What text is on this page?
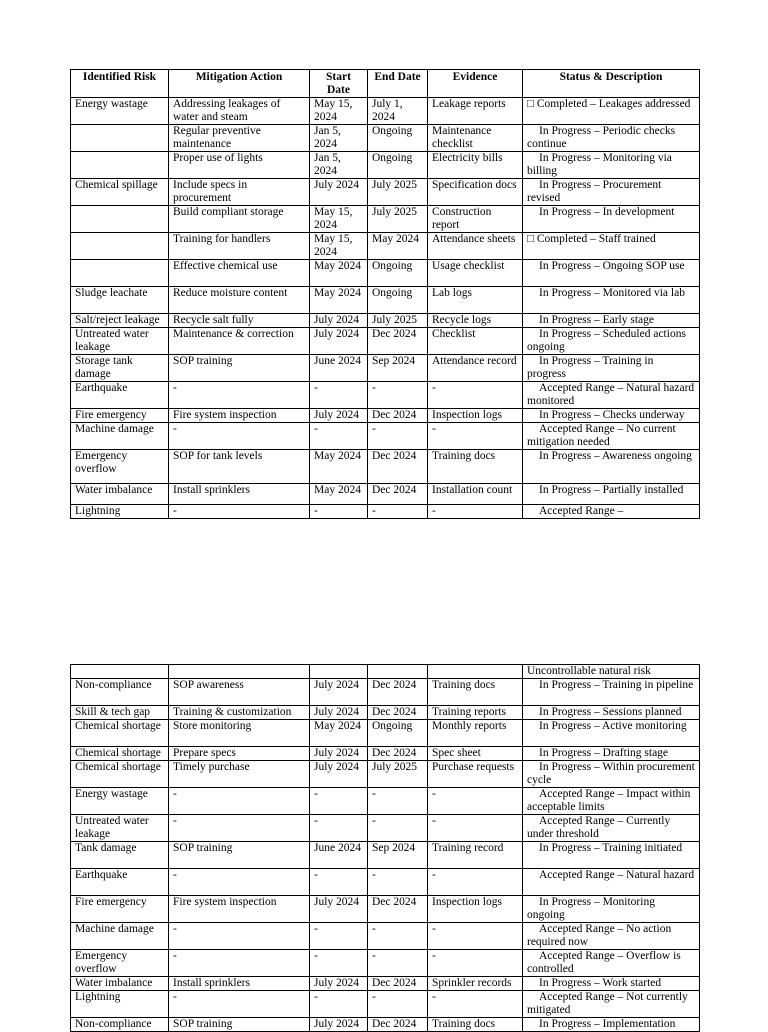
Identified Risk	Mitigation Action	Start Date	End Date	Evidence	Status & Description
Energy wastage	Addressing leakages of water and steam	May 15, 2024	July 1, 2024	Leakage reports	□ Completed – Leakages addressed
	Regular preventive maintenance	Jan 5, 2024	Ongoing	Maintenance checklist	In Progress – Periodic checks continue
	Proper use of lights	Jan 5, 2024	Ongoing	Electricity bills	In Progress – Monitoring via billing
Chemical spillage	Include specs in procurement	July 2024	July 2025	Specification docs	In Progress – Procurement revised
	Build compliant storage	May 15, 2024	July 2025	Construction report	In Progress – In development
	Training for handlers	May 15, 2024	May 2024	Attendance sheets	□ Completed – Staff trained
	Effective chemical use	May 2024	Ongoing	Usage checklist	In Progress – Ongoing SOP use
Sludge leachate	Reduce moisture content	May 2024	Ongoing	Lab logs	In Progress – Monitored via lab
Salt/reject leakage	Recycle salt fully	July 2024	July 2025	Recycle logs	In Progress – Early stage
Untreated water leakage	Maintenance & correction	July 2024	Dec 2024	Checklist	In Progress – Scheduled actions ongoing
Storage tank damage	SOP training	June 2024	Sep 2024	Attendance record	In Progress – Training in progress
Earthquake	-	-	-	-	Accepted Range – Natural hazard monitored
Fire emergency	Fire system inspection	July 2024	Dec 2024	Inspection logs	In Progress – Checks underway
Machine damage	-	-	-	-	Accepted Range – No current mitigation needed
Emergency overflow	SOP for tank levels	May 2024	Dec 2024	Training docs	In Progress – Awareness ongoing
Water imbalance	Install sprinklers	May 2024	Dec 2024	Installation count	In Progress – Partially installed
Lightning	-	-	-	-	Accepted Range –
					Uncontrollable natural risk
Non-compliance	SOP awareness	July 2024	Dec 2024	Training docs	In Progress – Training in pipeline
Skill & tech gap	Training & customization	July 2024	Dec 2024	Training reports	In Progress – Sessions planned
Chemical shortage	Store monitoring	May 2024	Ongoing	Monthly reports	In Progress – Active monitoring
Chemical shortage	Prepare specs	July 2024	Dec 2024	Spec sheet	In Progress – Drafting stage
Chemical shortage	Timely purchase	July 2024	July 2025	Purchase requests	In Progress – Within procurement cycle
Energy wastage	-	-	-	-	Accepted Range – Impact within acceptable limits
Untreated water leakage	-	-	-	-	Accepted Range – Currently under threshold
Tank damage	SOP training	June 2024	Sep 2024	Training record	In Progress – Training initiated
Earthquake	-	-	-	-	Accepted Range – Natural hazard
Fire emergency	Fire system inspection	July 2024	Dec 2024	Inspection logs	In Progress – Monitoring ongoing
Machine damage	-	-	-	-	Accepted Range – No action required now
Emergency overflow	-	-	-	-	Accepted Range – Overflow is controlled
Water imbalance	Install sprinklers	July 2024	Dec 2024	Sprinkler records	In Progress – Work started
Lightning	-	-	-	-	Accepted Range – Not currently mitigated
Non-compliance	SOP training	July 2024	Dec 2024	Training docs	In Progress – Implementation
